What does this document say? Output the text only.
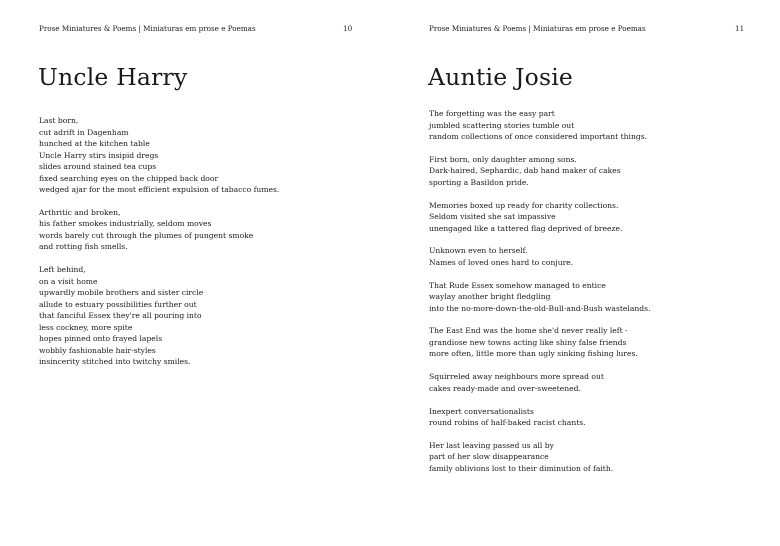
Prose Miniatures & Poems | Miniaturas em prose e Poemas	10
Uncle Harry

Last born,
cut adrift in Dagenham
hunched at the kitchen table
Uncle Harry stirs insipid dregs
slides around stained tea cups
fixed searching eyes on the chipped back door
wedged ajar for the most efficient expulsion of tabacco fumes.

Arthritic and broken,
his father smokes industrially, seldom moves
words barely cut through the plumes of pungent smoke
and rotting fish smells.

Left behind,
on a visit home
upwardly mobile brothers and sister circle
allude to estuary possibilities further out
that fanciful Essex they're all pouring into
less cockney, more spite
hopes pinned onto frayed lapels
wobbly fashionable hair-styles
insincerity stitched into twitchy smiles.

Prose Miniatures & Poems | Miniaturas em prose e Poemas	11
Auntie Josie

The forgetting was the easy part
jumbled scattering stories tumble out
random collections of once considered important things.

First born, only daughter among sons.
Dark-haired, Sephardic, dab hand maker of cakes
sporting a Basildon pride.

Memories boxed up ready for charity collections.
Seldom visited she sat impassive
unengaged like a tattered flag deprived of breeze.

Unknown even to herself.
Names of loved ones hard to conjure.

That Rude Essex somehow managed to entice
waylay another bright fledgling
into the no-more-down-the-old-Bull-and-Bush wastelands.

The East End was the home she'd never really left -
grandiose new towns acting like shiny false friends
more often, little more than ugly sinking fishing lures.

Squirreled away neighbours more spread out
cakes ready-made and over-sweetened.

Inexpert conversationalists
round robins of half-baked racist chants.

Her last leaving passed us all by
part of her slow disappearance
family oblivions lost to their diminution of faith.
